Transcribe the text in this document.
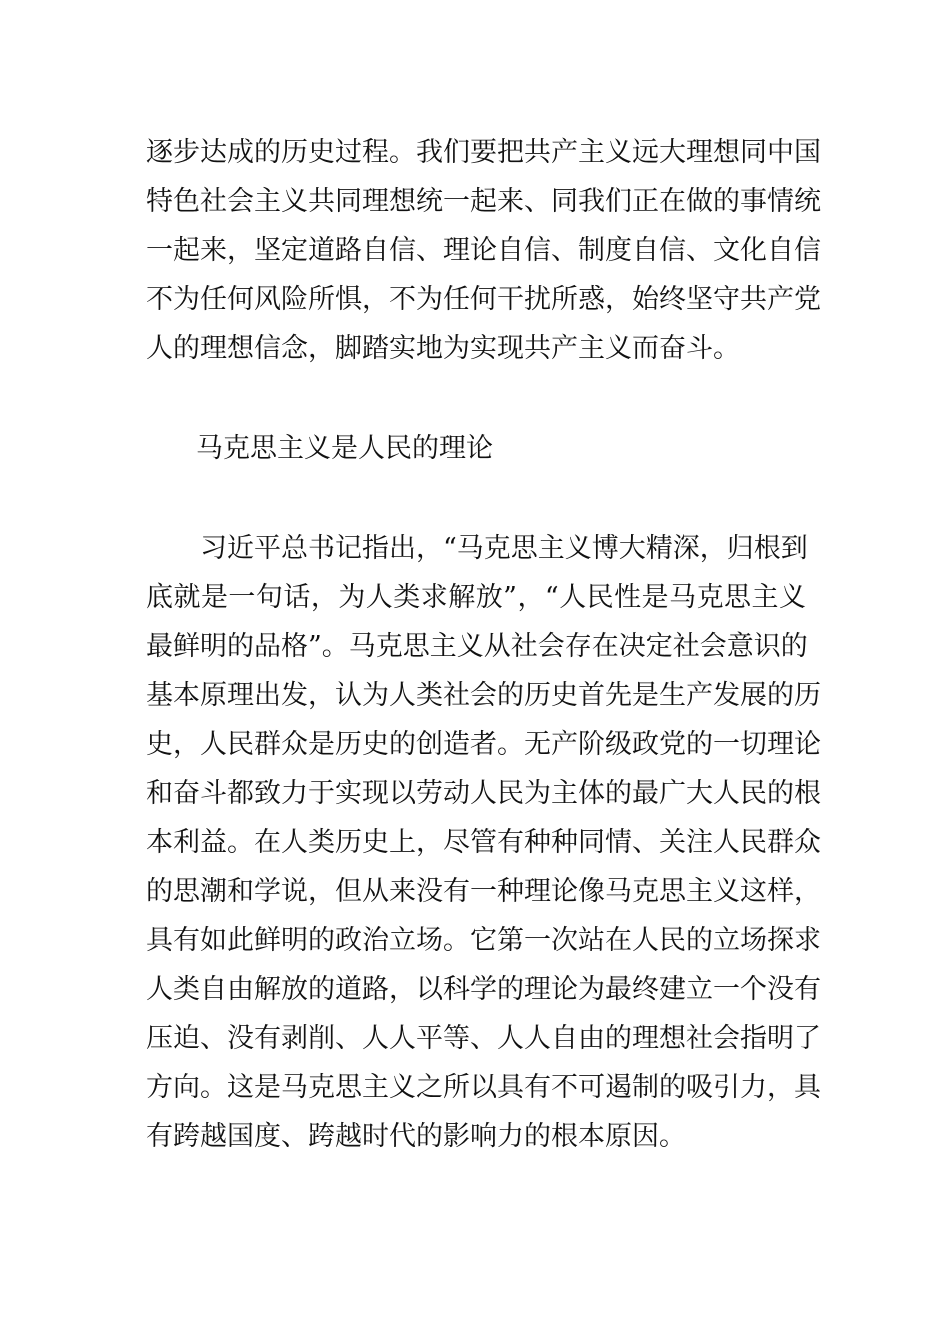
逐步达成的历史过程。我们要把共产主义远大理想同中国
特色社会主义共同理想统一起来、同我们正在做的事情统
一起来，坚定道路自信、理论自信、制度自信、文化自信
不为任何风险所惧，不为任何干扰所惑，始终坚守共产党
人的理想信念，脚踏实地为实现共产主义而奋斗。
马克思主义是人民的理论
习近平总书记指出，“马克思主义博大精深，归根到
底就是一句话，为人类求解放”，“人民性是马克思主义
最鲜明的品格”。马克思主义从社会存在决定社会意识的
基本原理出发，认为人类社会的历史首先是生产发展的历
史，人民群众是历史的创造者。无产阶级政党的一切理论
和奋斗都致力于实现以劳动人民为主体的最广大人民的根
本利益。在人类历史上，尽管有种种同情、关注人民群众
的思潮和学说，但从来没有一种理论像马克思主义这样，
具有如此鲜明的政治立场。它第一次站在人民的立场探求
人类自由解放的道路，以科学的理论为最终建立一个没有
压迫、没有剥削、人人平等、人人自由的理想社会指明了
方向。这是马克思主义之所以具有不可遏制的吸引力，具
有跨越国度、跨越时代的影响力的根本原因。
